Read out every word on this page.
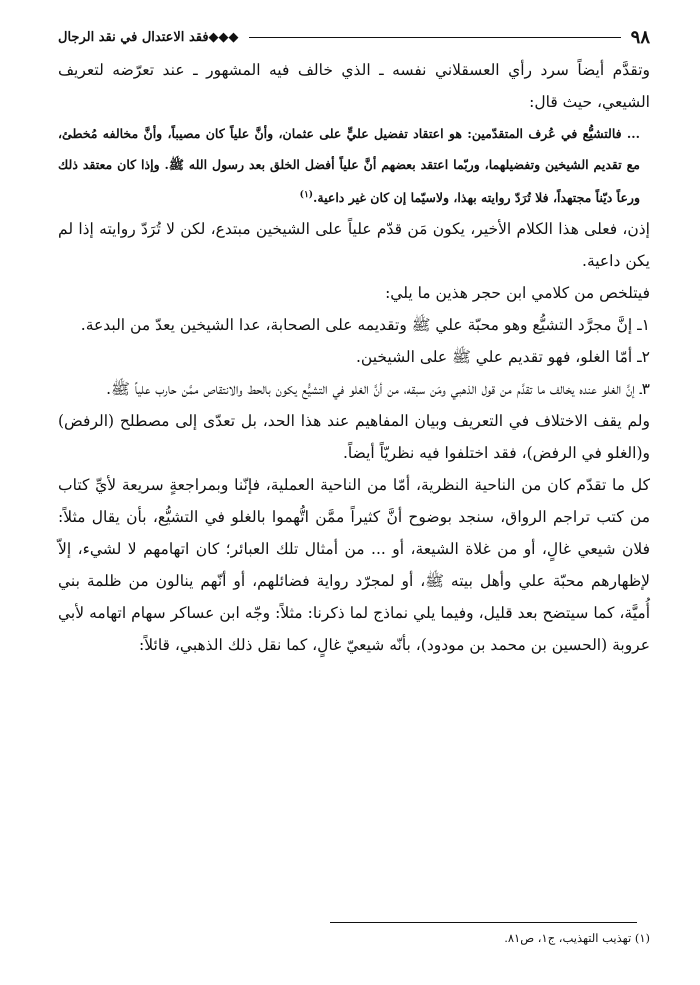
٩٨
◆◆◆فقد الاعتدال في نقد الرجال

وتقدَّم أيضاً سرد رأي العسقلاني نفسه ـ الذي خالف فيه المشهور ـ عند تعرّضه لتعريف الشيعي، حيث قال:

... فالتشيُّع في عُرف المتقدّمين: هو اعتقاد تفضيل عليٍّ على عثمان، وأنَّ علياً كان مصيباً، وأنَّ مخالفه مُخطئ، مع تقديم الشيخين وتفضيلهما، وربّما اعتقد بعضهم أنَّ علياً أفضل الخلق بعد رسول الله ﷺ. وإذا كان معتقد ذلك ورعاً ديّناً مجتهداً، فلا تُرَدّ روايته بهذا، ولاسيّما إن كان غير داعية.$^{(١)}$

إذن، فعلى هذا الكلام الأخير، يكون مَن قدّم علياً على الشيخين مبتدع، لكن لا تُرَدّ روايته إذا لم يكن داعية.

فيتلخص من كلامي ابن حجر هذين ما يلي:

١ـ إنَّ مجرَّد التشيُّع وهو محبّة علي ﷺ وتقديمه على الصحابة، عدا الشيخين يعدّ من البدعة.

٢ـ أمّا الغلو، فهو تقديم علي ﷺ على الشيخين.

٣ـ إنَّ الغلو عنده يخالف ما تقدَّم من قول الذهبي ومَن سبقه، من أنَّ الغلو في التشيُّع يكون بالحط والانتقاص ممَّن حارب علياً ﷺ.

ولم يقف الاختلاف في التعريف وبيان المفاهيم عند هذا الحد، بل تعدّى إلى مصطلح (الرفض) و(الغلو في الرفض)، فقد اختلفوا فيه نظريّاً أيضاً.

كل ما تقدّم كان من الناحية النظرية، أمّا من الناحية العملية، فإنّنا وبمراجعةٍ سريعة لأيِّ كتاب من كتب تراجم الرواق، سنجد بوضوح أنَّ كثيراً ممَّن اتُّهموا بالغلو في التشيُّع، بأن يقال مثلاً: فلان شيعي غالٍ، أو من غلاة الشيعة، أو ... من أمثال تلك العبائر؛ كان اتهامهم لا لشيء، إلاّ لإظهارهم محبّة علي وأهل بيته ﷺ، أو لمجرّد رواية فضائلهم، أو أنّهم ينالون من ظلمة بني أُميَّة، كما سيتضح بعد قليل، وفيما يلي نماذج لما ذكرنا: مثلاً: وجّه ابن عساكر سهام اتهامه لأبي عروبة (الحسين بن محمد بن مودود)، بأنّه شيعيّ غالٍ، كما نقل ذلك الذهبي، قائلاً:

(١) تهذيب التهذيب، ج١، ص٨١.
